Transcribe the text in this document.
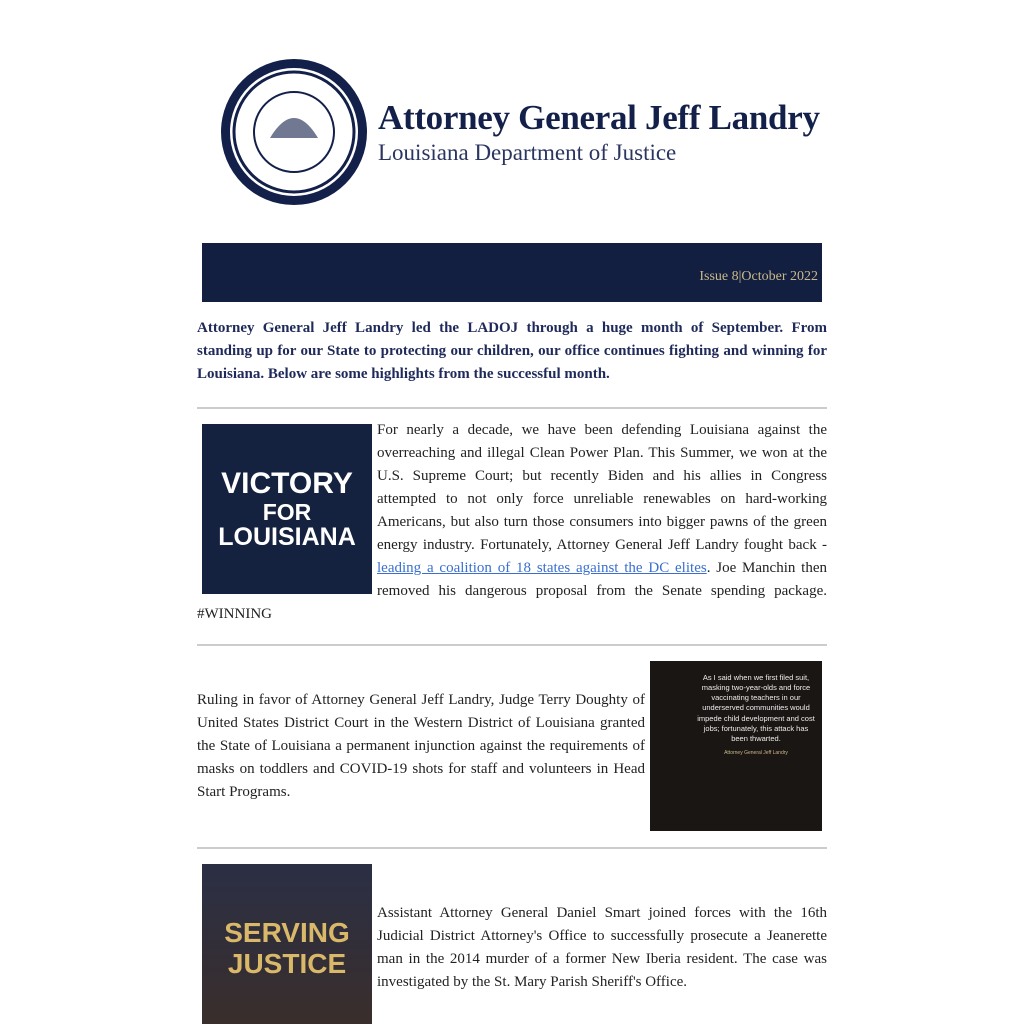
Attorney General Jeff Landry
Louisiana Department of Justice
Issue 8|October 2022
Attorney General Jeff Landry led the LADOJ through a huge month of September. From standing up for our State to protecting our children, our office continues fighting and winning for Louisiana. Below are some highlights from the successful month.
VICTORY
FOR
LOUISIANA
For nearly a decade, we have been defending Louisiana against the overreaching and illegal Clean Power Plan. This Summer, we won at the U.S. Supreme Court; but recently Biden and his allies in Congress attempted to not only force unreliable renewables on hard-working Americans, but also turn those consumers into bigger pawns of the green energy industry. Fortunately, Attorney General Jeff Landry fought back - leading a coalition of 18 states against the DC elites. Joe Manchin then removed his dangerous proposal from the Senate spending package. #WINNING
Ruling in favor of Attorney General Jeff Landry, Judge Terry Doughty of United States District Court in the Western District of Louisiana granted the State of Louisiana a permanent injunction against the requirements of masks on toddlers and COVID-19 shots for staff and volunteers in Head Start Programs.
As I said when we first filed suit, masking two-year-olds and force vaccinating teachers in our underserved communities would impede child development and cost jobs; fortunately, this attack has been thwarted.
Attorney General Jeff Landry
SERVING
JUSTICE
Assistant Attorney General Daniel Smart joined forces with the 16th Judicial District Attorney's Office to successfully prosecute a Jeanerette man in the 2014 murder of a former New Iberia resident. The case was investigated by the St. Mary Parish Sheriff's Office.
